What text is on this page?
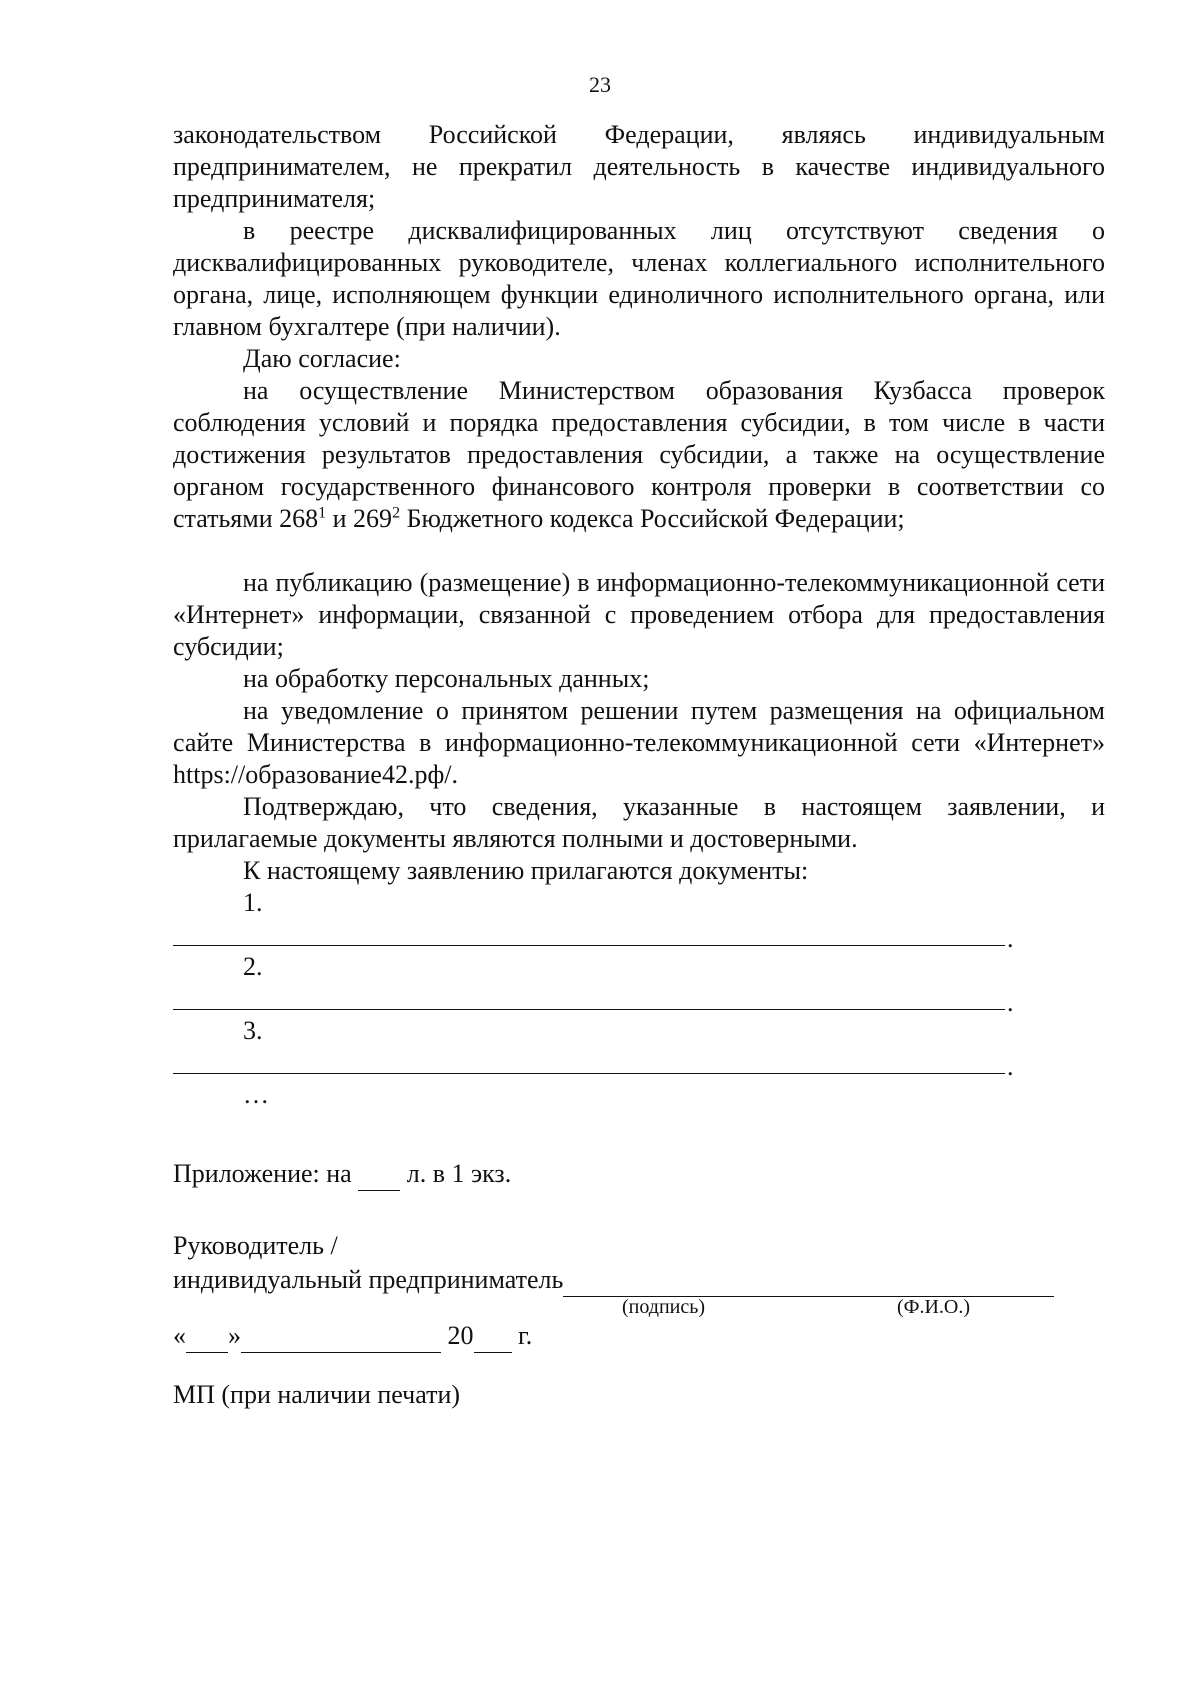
23
законодательством Российской Федерации, являясь индивидуальным предпринимателем, не прекратил деятельность в качестве индивидуального предпринимателя;
в реестре дисквалифицированных лиц отсутствуют сведения о дисквалифицированных руководителе, членах коллегиального исполнительного органа, лице, исполняющем функции единоличного исполнительного органа, или главном бухгалтере (при наличии).
Даю согласие:
на осуществление Министерством образования Кузбасса проверок соблюдения условий и порядка предоставления субсидии, в том числе в части достижения результатов предоставления субсидии, а также на осуществление органом государственного финансового контроля проверки в соответствии со статьями $268^1$ и $269^2$ Бюджетного кодекса Российской Федерации;
на публикацию (размещение) в информационно-телекоммуникационной сети «Интернет» информации, связанной с проведением отбора для предоставления субсидии;
на обработку персональных данных;
на уведомление о принятом решении путем размещения на официальном сайте Министерства в информационно-телекоммуникационной сети «Интернет» https://образование42.рф/.
Подтверждаю, что сведения, указанные в настоящем заявлении, и прилагаемые документы являются полными и достоверными.
К настоящему заявлению прилагаются документы:
1.
.
2.
.
3.
.
…
Приложение: на л. в 1 экз.
Руководитель /
индивидуальный предприниматель
(подпись)	(Ф.И.О.)
« »	20 г.
МП (при наличии печати)
